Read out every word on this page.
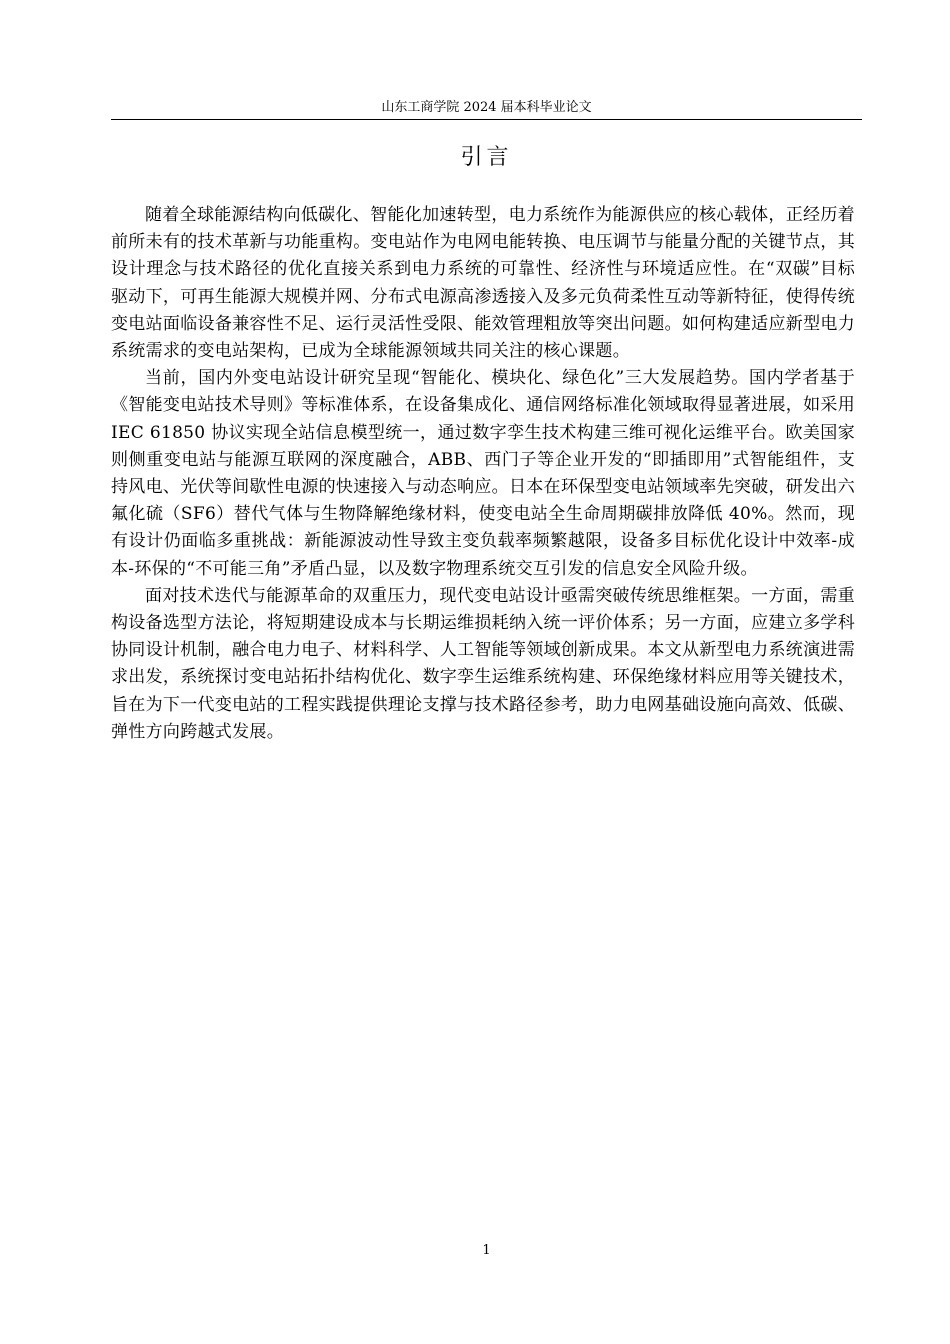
山东工商学院 2024 届本科毕业论文
引言

随着全球能源结构向低碳化、智能化加速转型，电力系统作为能源供应的核心载体，正经历着前所未有的技术革新与功能重构。变电站作为电网电能转换、电压调节与能量分配的关键节点，其设计理念与技术路径的优化直接关系到电力系统的可靠性、经济性与环境适应性。在“双碳”目标驱动下，可再生能源大规模并网、分布式电源高渗透接入及多元负荷柔性互动等新特征，使得传统变电站面临设备兼容性不足、运行灵活性受限、能效管理粗放等突出问题。如何构建适应新型电力系统需求的变电站架构，已成为全球能源领域共同关注的核心课题。

当前，国内外变电站设计研究呈现“智能化、模块化、绿色化”三大发展趋势。国内学者基于《智能变电站技术导则》等标准体系，在设备集成化、通信网络标准化领域取得显著进展，如采用 IEC 61850 协议实现全站信息模型统一，通过数字孪生技术构建三维可视化运维平台。欧美国家则侧重变电站与能源互联网的深度融合，ABB、西门子等企业开发的“即插即用”式智能组件，支持风电、光伏等间歇性电源的快速接入与动态响应。日本在环保型变电站领域率先突破，研发出六氟化硫（SF6）替代气体与生物降解绝缘材料，使变电站全生命周期碳排放降低 40%。然而，现有设计仍面临多重挑战：新能源波动性导致主变负载率频繁越限，设备多目标优化设计中效率-成本-环保的“不可能三角”矛盾凸显，以及数字物理系统交互引发的信息安全风险升级。

面对技术迭代与能源革命的双重压力，现代变电站设计亟需突破传统思维框架。一方面，需重构设备选型方法论，将短期建设成本与长期运维损耗纳入统一评价体系；另一方面，应建立多学科协同设计机制，融合电力电子、材料科学、人工智能等领域创新成果。本文从新型电力系统演进需求出发，系统探讨变电站拓扑结构优化、数字孪生运维系统构建、环保绝缘材料应用等关键技术，旨在为下一代变电站的工程实践提供理论支撑与技术路径参考，助力电网基础设施向高效、低碳、弹性方向跨越式发展。

1
